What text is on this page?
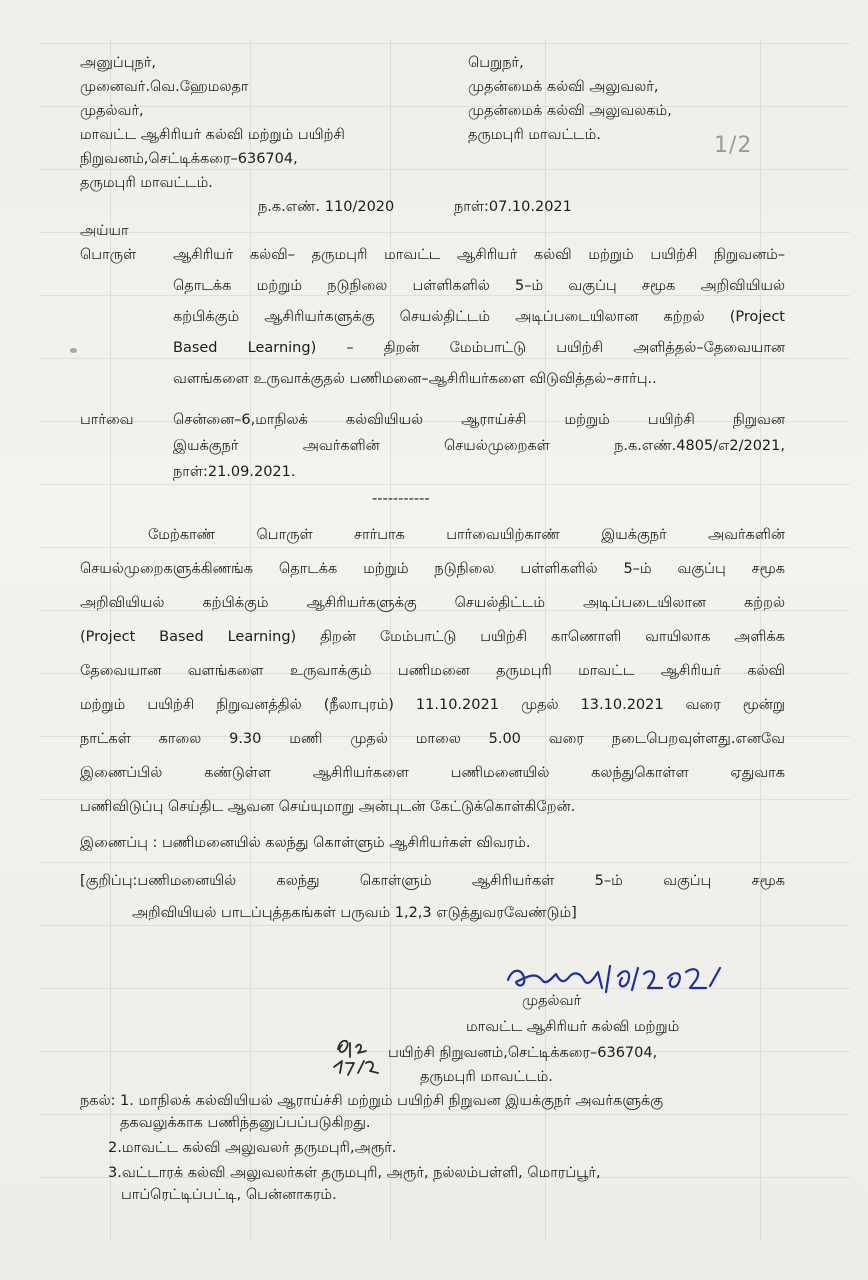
1/2
அனுப்புநர்,
முனைவர்.வெ.ஹேமலதா
முதல்வர்,
மாவட்ட ஆசிரியர் கல்வி மற்றும் பயிற்சி
நிறுவனம்,செட்டிக்கரை–636704,
தருமபுரி மாவட்டம்.
பெறுநர்,
முதன்மைக் கல்வி அலுவலர்,
முதன்மைக் கல்வி அலுவலகம்,
தருமபுரி மாவட்டம்.
ந.க.எண். 110/2020	நாள்:07.10.2021
அய்யா
பொருள்	ஆசிரியர் கல்வி– தருமபுரி மாவட்ட ஆசிரியர் கல்வி மற்றும் பயிற்சி நிறுவனம்–
தொடக்க மற்றும் நடுநிலை பள்ளிகளில் 5–ம் வகுப்பு சமூக அறிவியியல்
கற்பிக்கும் ஆசிரியர்களுக்கு செயல்திட்டம் அடிப்படையிலான கற்றல் (Project
Based Learning) – திறன் மேம்பாட்டு பயிற்சி அளித்தல்–தேவையான
வளங்களை உருவாக்குதல் பணிமனை–ஆசிரியர்களை விடுவித்தல்–சார்பு..
பார்வை	சென்னை–6,மாநிலக் கல்வியியல் ஆராய்ச்சி மற்றும் பயிற்சி நிறுவன
இயக்குநர் அவர்களின் செயல்முறைகள் ந.க.எண்.4805/எ2/2021,
நாள்:21.09.2021.
-----------
மேற்காண் பொருள் சார்பாக பார்வையிற்காண் இயக்குநர் அவர்களின்
செயல்முறைகளுக்கிணங்க தொடக்க மற்றும் நடுநிலை பள்ளிகளில் 5–ம் வகுப்பு சமூக
அறிவியியல் கற்பிக்கும் ஆசிரியர்களுக்கு செயல்திட்டம் அடிப்படையிலான கற்றல்
(Project Based Learning) திறன் மேம்பாட்டு பயிற்சி காணொளி வாயிலாக அளிக்க
தேவையான வளங்களை உருவாக்கும் பணிமனை தருமபுரி மாவட்ட ஆசிரியர் கல்வி
மற்றும் பயிற்சி நிறுவனத்தில் (நீலாபுரம்) 11.10.2021 முதல் 13.10.2021 வரை மூன்று
நாட்கள் காலை 9.30 மணி முதல் மாலை 5.00 வரை நடைபெறவுள்ளது.எனவே
இணைப்பில் கண்டுள்ள ஆசிரியர்களை பணிமனையில் கலந்துகொள்ள ஏதுவாக
பணிவிடுப்பு செய்திட ஆவன செய்யுமாறு அன்புடன் கேட்டுக்கொள்கிறேன்.
இணைப்பு : பணிமனையில் கலந்து கொள்ளும் ஆசிரியர்கள் விவரம்.
[குறிப்பு:பணிமனையில் கலந்து கொள்ளும் ஆசிரியர்கள் 5–ம் வகுப்பு சமூக
அறிவியியல் பாடப்புத்தகங்கள் பருவம் 1,2,3 எடுத்துவரவேண்டும்]
முதல்வர்
மாவட்ட ஆசிரியர் கல்வி மற்றும்
பயிற்சி நிறுவனம்,செட்டிக்கரை–636704,
தருமபுரி மாவட்டம்.
நகல்: 1. மாநிலக் கல்வியியல் ஆராய்ச்சி மற்றும் பயிற்சி நிறுவன இயக்குநர் அவர்களுக்கு
தகவலுக்காக பணிந்தனுப்பப்படுகிறது.
2.மாவட்ட கல்வி அலுவலர் தருமபுரி,அரூர்.
3.வட்டாரக் கல்வி அலுவலர்கள் தருமபுரி, அரூர், நல்லம்பள்ளி, மொரப்பூர்,
பாப்ரெட்டிப்பட்டி, பென்னாகரம்.
